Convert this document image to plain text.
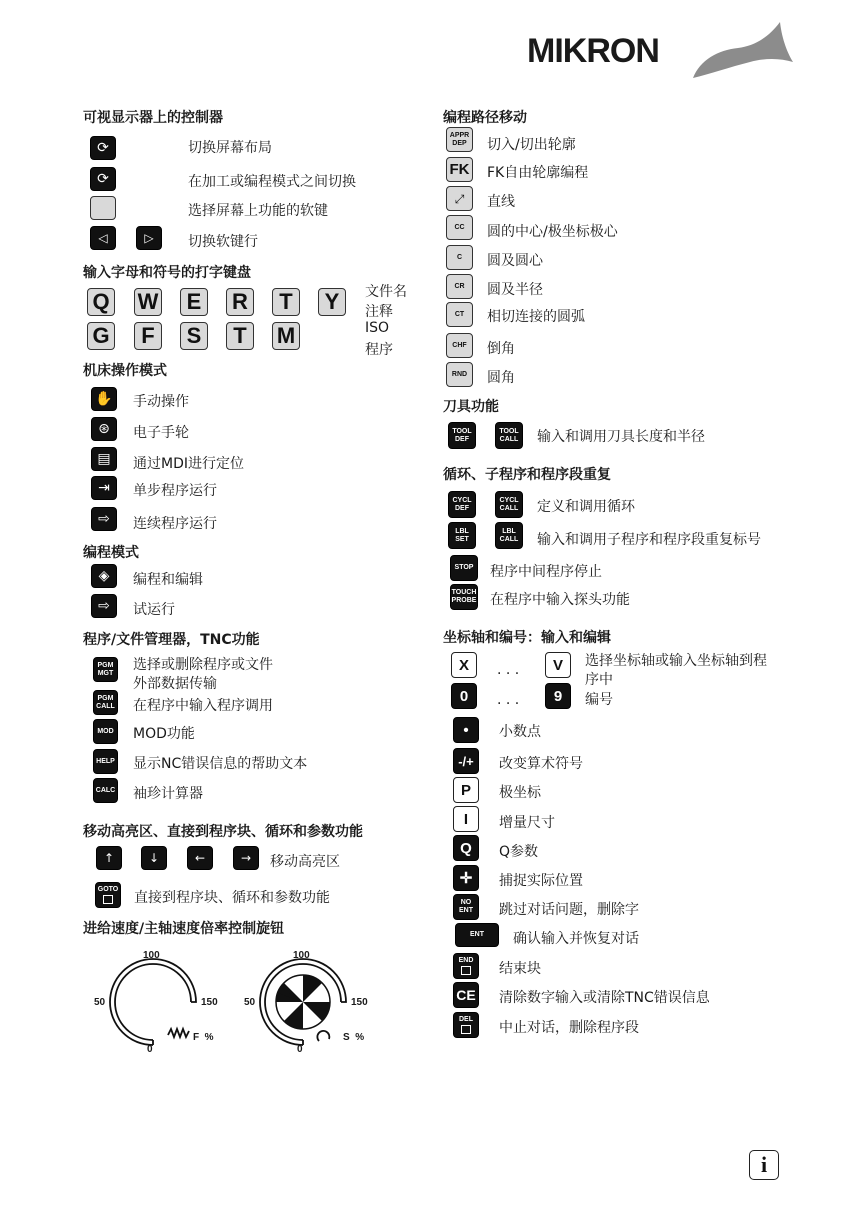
MIKRON
可视显示器上的控制器
⟳	切换屏幕布局
⟳	在加工或编程模式之间切换
选择屏幕上功能的软键
◁	▷ 切换软键行
输入字母和符号的打字键盘
Q W	E	R	T	Y
G	F	S	T	M
文件名
注释
ISO
程序
机床操作模式
✋ 手动操作
⊛ 电子手轮
▤ 通过MDI进行定位
⇥ 单步程序运行
⇨ 连续程序运行
编程模式
◈ 编程和编辑
⇨ 试运行
程序/文件管理器，TNC功能
PGM
MGT	选择或删除程序或文件
外部数据传输
PGM
CALL 在程序中输入程序调用
MOD	MOD功能
HELP 显示NC错误信息的帮助文本
CALC 袖珍计算器
移动高亮区、直接到程序块、循环和参数功能
↑	↓	←	→ 移动高亮区
GOTO
直接到程序块、循环和参数功能
进给速度/主轴速度倍率控制旋钮
100
50	150
0
F  %
100
50	150
0
S  %
编程路径移动
APPR
DEP	切入/切出轮廓
FK FK自由轮廓编程
⤢ 直线
CC	圆的中心/极坐标极心
C	圆及圆心
CR	圆及半径
CT	相切连接的圆弧
CHF	倒角
RND	圆角
刀具功能
TOOL
DEF
TOOL
CALL	输入和调用刀具长度和半径
循环、子程序和程序段重复
CYCL
DEF
CYCL
CALL	定义和调用循环
LBL
SET
LBL
CALL	输入和调用子程序和程序段重复标号
STOP	程序中间程序停止
TOUCH
PROBE 在程序中输入探头功能
坐标轴和编号：输入和编辑
X	. . .	V	选择坐标轴或输入坐标轴到程
序中
0	. . .	9	编号
•	小数点
-/+	改变算术符号
P	极坐标
I	增量尺寸
Q	Q参数
✛	捕捉实际位置
NO
ENT	跳过对话问题，删除字
ENT	确认输入并恢复对话
END
结束块
CE 清除数字输入或清除TNC错误信息
DEL
中止对话，删除程序段
i
